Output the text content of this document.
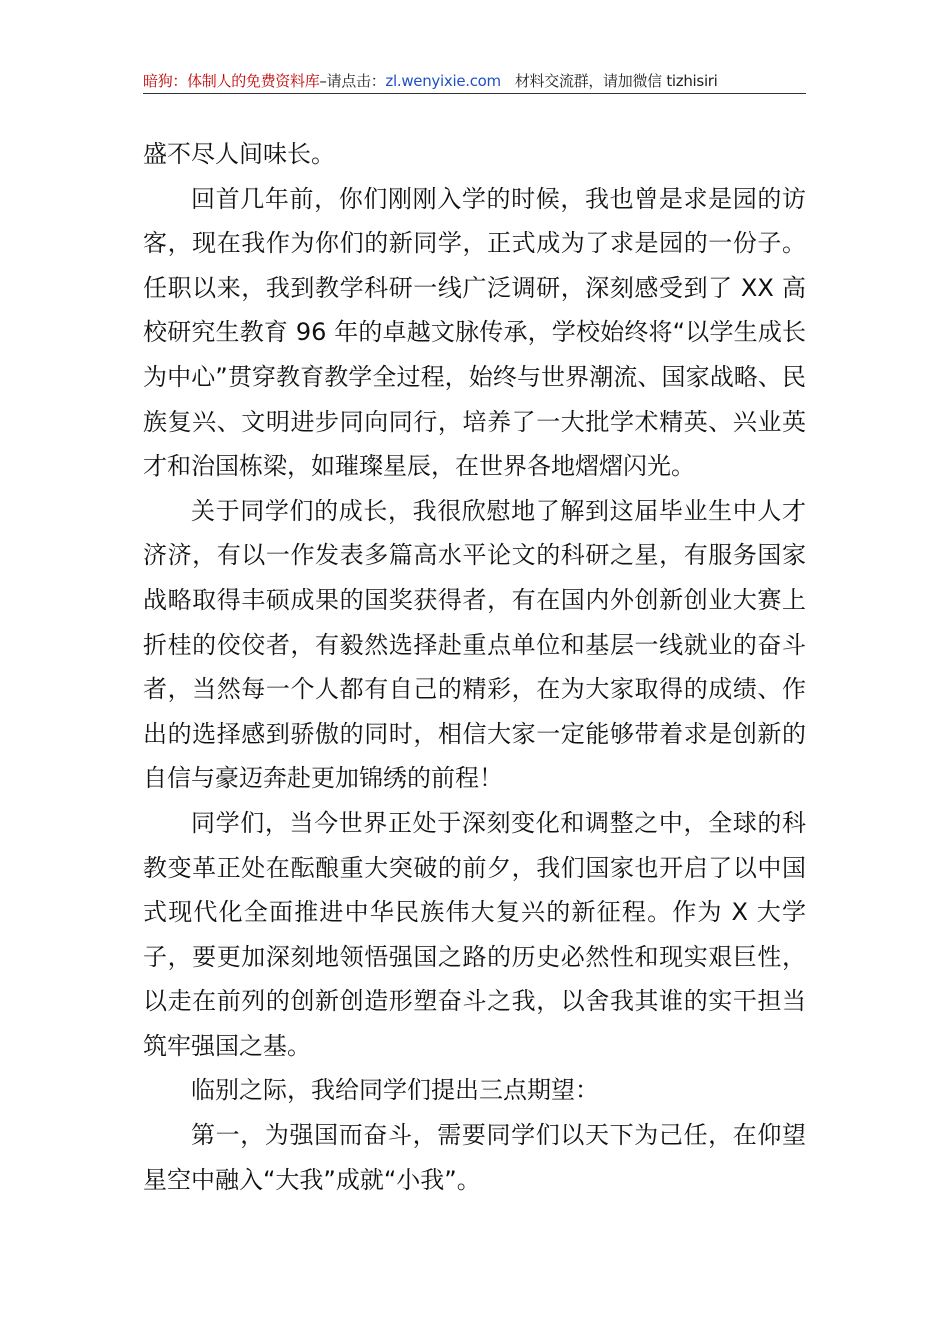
暗狗：体制人的免费资料库–请点击：zl.wenyixie.com 材料交流群，请加微信 tizhisiri

盛不尽人间味长。

回首几年前，你们刚刚入学的时候，我也曾是求是园的访客，现在我作为你们的新同学，正式成为了求是园的一份子。任职以来，我到教学科研一线广泛调研，深刻感受到了 XX 高校研究生教育 96 年的卓越文脉传承，学校始终将“以学生成长为中心”贯穿教育教学全过程，始终与世界潮流、国家战略、民族复兴、文明进步同向同行，培养了一大批学术精英、兴业英才和治国栋梁，如璀璨星辰，在世界各地熠熠闪光。

关于同学们的成长，我很欣慰地了解到这届毕业生中人才济济，有以一作发表多篇高水平论文的科研之星，有服务国家战略取得丰硕成果的国奖获得者，有在国内外创新创业大赛上折桂的佼佼者，有毅然选择赴重点单位和基层一线就业的奋斗者，当然每一个人都有自己的精彩，在为大家取得的成绩、作出的选择感到骄傲的同时，相信大家一定能够带着求是创新的自信与豪迈奔赴更加锦绣的前程！

同学们，当今世界正处于深刻变化和调整之中，全球的科教变革正处在酝酿重大突破的前夕，我们国家也开启了以中国式现代化全面推进中华民族伟大复兴的新征程。作为 X 大学子，要更加深刻地领悟强国之路的历史必然性和现实艰巨性，以走在前列的创新创造形塑奋斗之我，以舍我其谁的实干担当筑牢强国之基。

临别之际，我给同学们提出三点期望：

第一，为强国而奋斗，需要同学们以天下为己任，在仰望星空中融入“大我”成就“小我”。
